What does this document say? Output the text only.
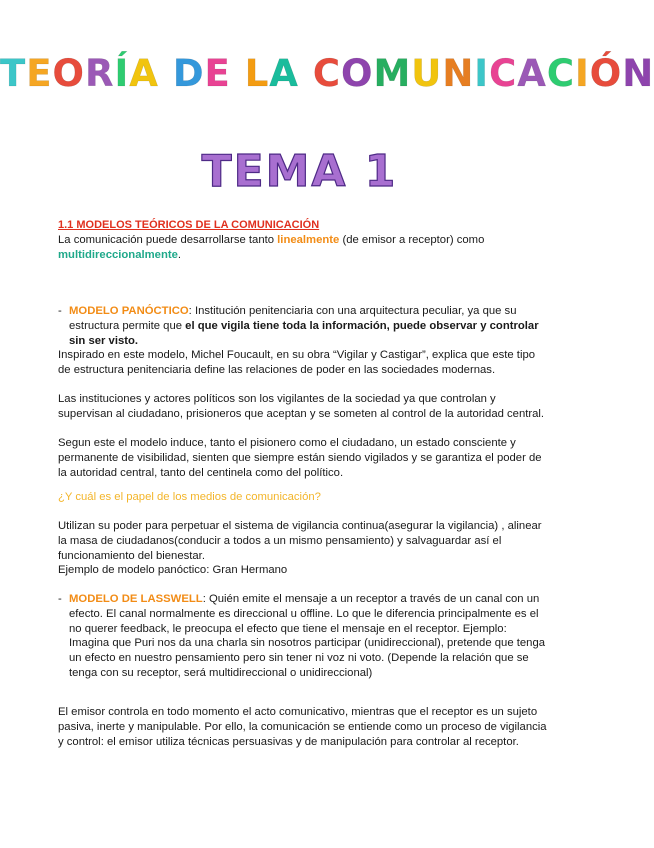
TEORÍA DE LA COMUNICACIÓN
TEMA 1
1.1 MODELOS TEÓRICOS DE LA COMUNICACIÓN
La comunicación puede desarrollarse tanto linealmente (de emisor a receptor) como
multidireccionalmente.
- MODELO PANÓCTICO: Institución penitenciaria con una arquitectura peculiar, ya que su estructura permite que el que vigila tiene toda la información, puede observar y controlar sin ser visto.
Inspirado en este modelo, Michel Foucault, en su obra “Vigilar y Castigar”, explica que este tipo de estructura penitenciaria define las relaciones de poder en las sociedades modernas.
Las instituciones y actores políticos son los vigilantes de la sociedad ya que controlan y supervisan al ciudadano, prisioneros que aceptan y se someten al control de la autoridad central.
Segun este el modelo induce, tanto el pisionero como el ciudadano, un estado consciente y permanente de visibilidad, sienten que siempre están siendo vigilados y se garantiza el poder de la autoridad central, tanto del centinela como del político.
¿Y cuál es el papel de los medios de comunicación?
Utilizan su poder para perpetuar el sistema de vigilancia continua(asegurar la vigilancia) , alinear la masa de ciudadanos(conducir a todos a un mismo pensamiento) y salvaguardar así el funcionamiento del bienestar.
Ejemplo de modelo panóctico: Gran Hermano
- MODELO DE LASSWELL: Quién emite el mensaje a un receptor a través de un canal con un efecto. El canal normalmente es direccional u offline. Lo que le diferencia principalmente es el no querer feedback, le preocupa el efecto que tiene el mensaje en el receptor. Ejemplo: Imagina que Puri nos da una charla sin nosotros participar (unidireccional), pretende que tenga un efecto en nuestro pensamiento pero sin tener ni voz ni voto. (Depende la relación que se tenga con su receptor, será multidireccional o unidireccional)
El emisor controla en todo momento el acto comunicativo, mientras que el receptor es un sujeto pasiva, inerte y manipulable. Por ello, la comunicación se entiende como un proceso de vigilancia y control: el emisor utiliza técnicas persuasivas y de manipulación para controlar al receptor.
